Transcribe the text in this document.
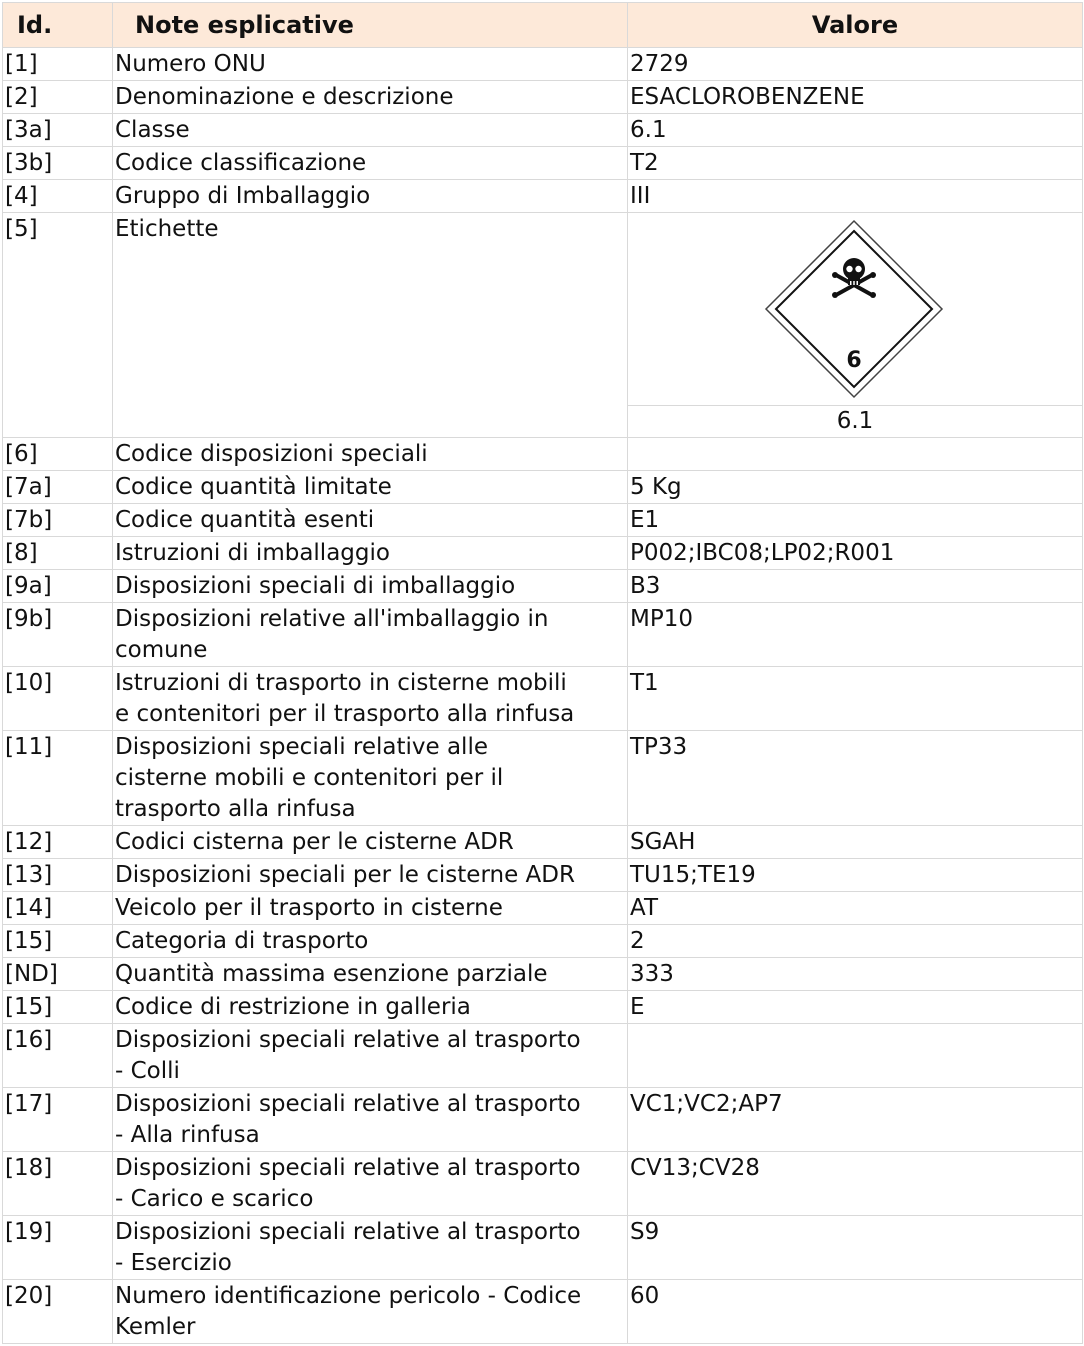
Id.	Note esplicative	Valore
[1]	Numero ONU	2729
[2]	Denominazione e descrizione	ESACLOROBENZENE
[3a]	Classe	6.1
[3b]	Codice classificazione	T2
[4]	Gruppo di Imballaggio	III
[5]	Etichette	6
6.1

[6]	Codice disposizioni speciali	
[7a]	Codice quantità limitate	5 Kg
[7b]	Codice quantità esenti	E1
[8]	Istruzioni di imballaggio	P002;IBC08;LP02;R001
[9a]	Disposizioni speciali di imballaggio	B3
[9b]	Disposizioni relative all'imballaggio in comune	MP10
[10]	Istruzioni di trasporto in cisterne mobili e contenitori per il trasporto alla rinfusa	T1
[11]	Disposizioni speciali relative alle cisterne mobili e contenitori per il trasporto alla rinfusa	TP33
[12]	Codici cisterna per le cisterne ADR	SGAH
[13]	Disposizioni speciali per le cisterne ADR	TU15;TE19
[14]	Veicolo per il trasporto in cisterne	AT
[15]	Categoria di trasporto	2
[ND]	Quantità massima esenzione parziale	333
[15]	Codice di restrizione in galleria	E
[16]	Disposizioni speciali relative al trasporto - Colli	
[17]	Disposizioni speciali relative al trasporto - Alla rinfusa	VC1;VC2;AP7
[18]	Disposizioni speciali relative al trasporto - Carico e scarico	CV13;CV28
[19]	Disposizioni speciali relative al trasporto - Esercizio	S9
[20]	Numero identificazione pericolo - Codice Kemler	60
